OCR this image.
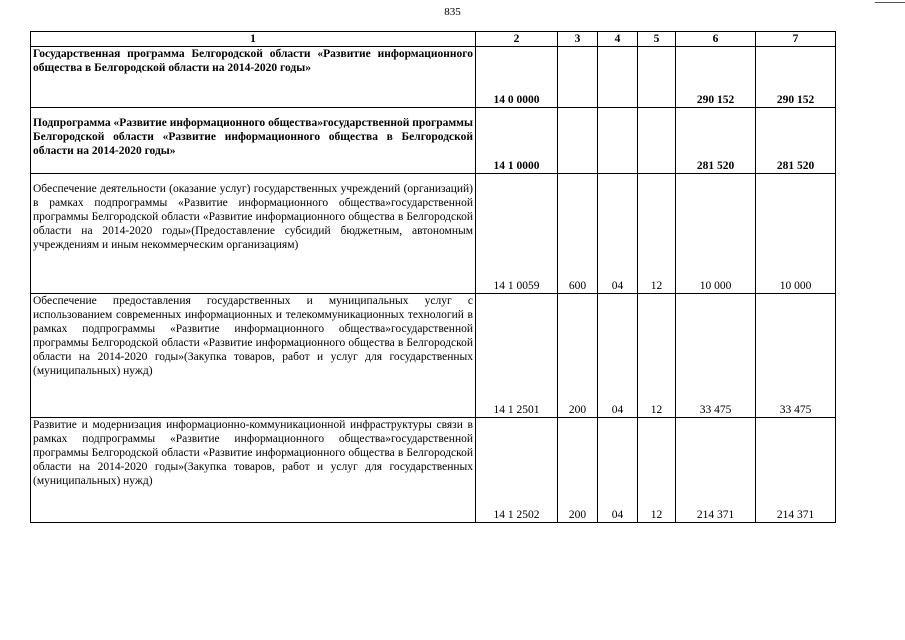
835
1	2	3	4	5	6	7
Государственная программа Белгородской области «Развитие информационного общества в Белгородской области на 2014-2020 годы»	14 0 0000				290 152	290 152
Подпрограмма «Развитие информационного общества»государственной программы Белгородской области «Развитие информационного общества в Белгородской области на 2014-2020 годы»	14 1 0000				281 520	281 520
Обеспечение деятельности (оказание услуг) государственных учреждений (организаций) в рамках подпрограммы «Развитие информационного общества»государственной программы Белгородской области «Развитие информационного общества в Белгородской области на 2014-2020 годы»(Предоставление субсидий бюджетным, автономным учреждениям и иным некоммерческим организациям)	14 1 0059	600	04	12	10 000	10 000
Обеспечение предоставления государственных и муниципальных услуг с использованием современных информационных и телекоммуникационных технологий в рамках подпрограммы «Развитие информационного общества»государственной программы Белгородской области «Развитие информационного общества в Белгородской области на 2014-2020 годы»(Закупка товаров, работ и услуг для государственных (муниципальных) нужд)	14 1 2501	200	04	12	33 475	33 475
Развитие и модернизация информационно-коммуникационной инфраструктуры связи в рамках подпрограммы «Развитие информационного общества»государственной программы Белгородской области «Развитие информационного общества в Белгородской области на 2014-2020 годы»(Закупка товаров, работ и услуг для государственных (муниципальных) нужд)	14 1 2502	200	04	12	214 371	214 371
